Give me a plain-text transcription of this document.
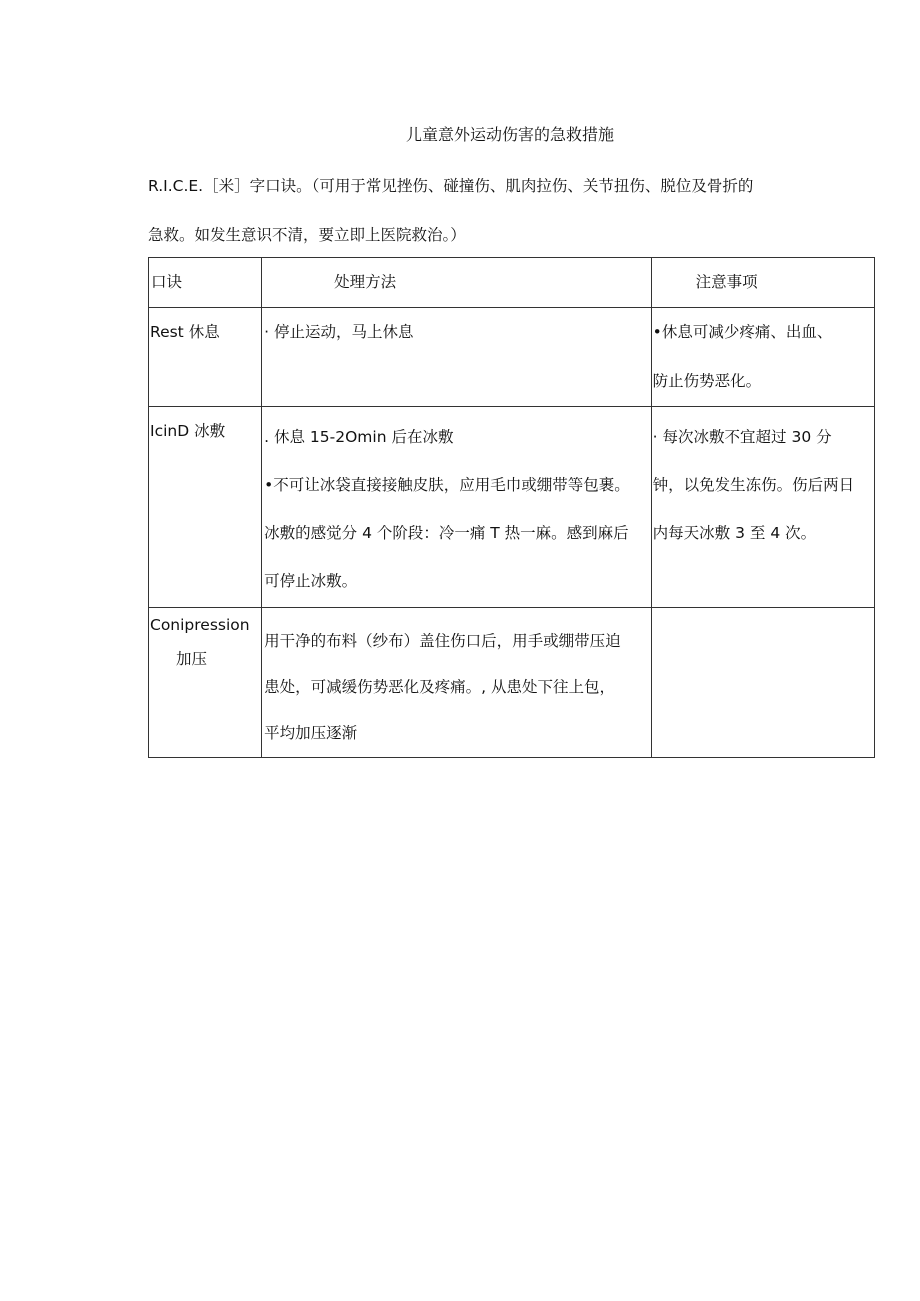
儿童意外运动伤害的急救措施
R.I.C.E.［米］字口诀。（可用于常见挫伤、碰撞伤、肌肉拉伤、关节扭伤、脱位及骨折的
急救。如发生意识不清，要立即上医院救治。）
口诀	处理方法	注意事项

Rest 休息	· 停止运动，马上休息	•休息可减少疼痛、出血、
防止伤势恶化。

IcinD 冰敷	. 休息 15-2Omin 后在冰敷
•不可让冰袋直接接触皮肤，应用毛巾或绷带等包裹。
冰敷的感觉分 4 个阶段：冷一痛 T 热一麻。感到麻后
可停止冰敷。	· 每次冰敷不宜超过 30 分
钟，以免发生冻伤。伤后两日
内每天冰敷 3 至 4 次。

Conipression
加压	用干净的布料（纱布）盖住伤口后，用手或绷带压迫
患处，可减缓伤势恶化及疼痛。, 从患处下往上包，
平均加压逐渐	
